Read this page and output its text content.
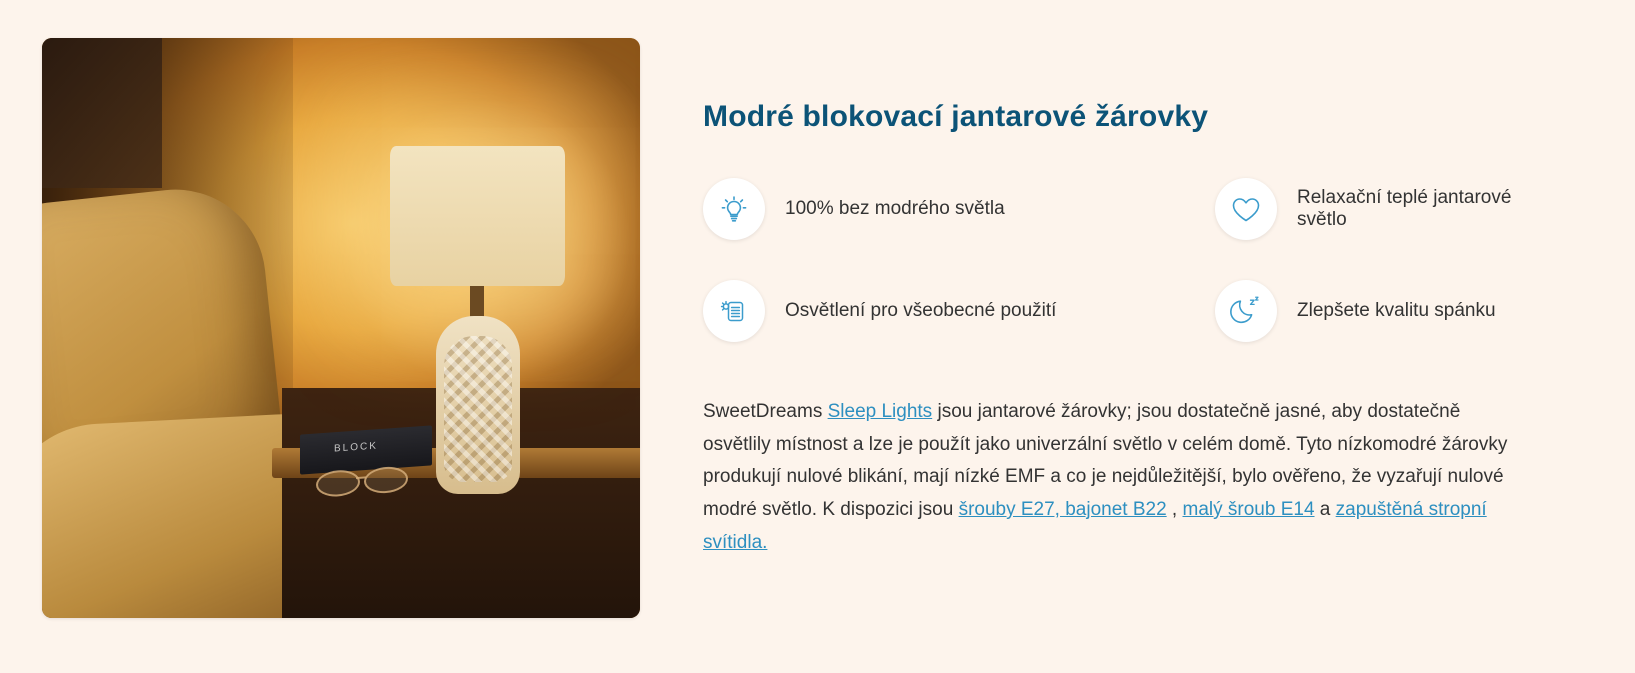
BLOCK
Modré blokovací jantarové žárovky
100% bez modrého světla
Relaxační teplé jantarové světlo
Osvětlení pro všeobecné použití	Zlepšete kvalitu spánku

SweetDreams Sleep Lights jsou jantarové žárovky; jsou dostatečně jasné, aby dostatečně osvětlily místnost a lze je použít jako univerzální světlo v celém domě. Tyto nízkomodré žárovky produkují nulové blikání, mají nízké EMF a co je nejdůležitější, bylo ověřeno, že vyzařují nulové modré světlo. K dispozici jsou šrouby E27, bajonet B22 , malý šroub E14 a zapuštěná stropní svítidla.
